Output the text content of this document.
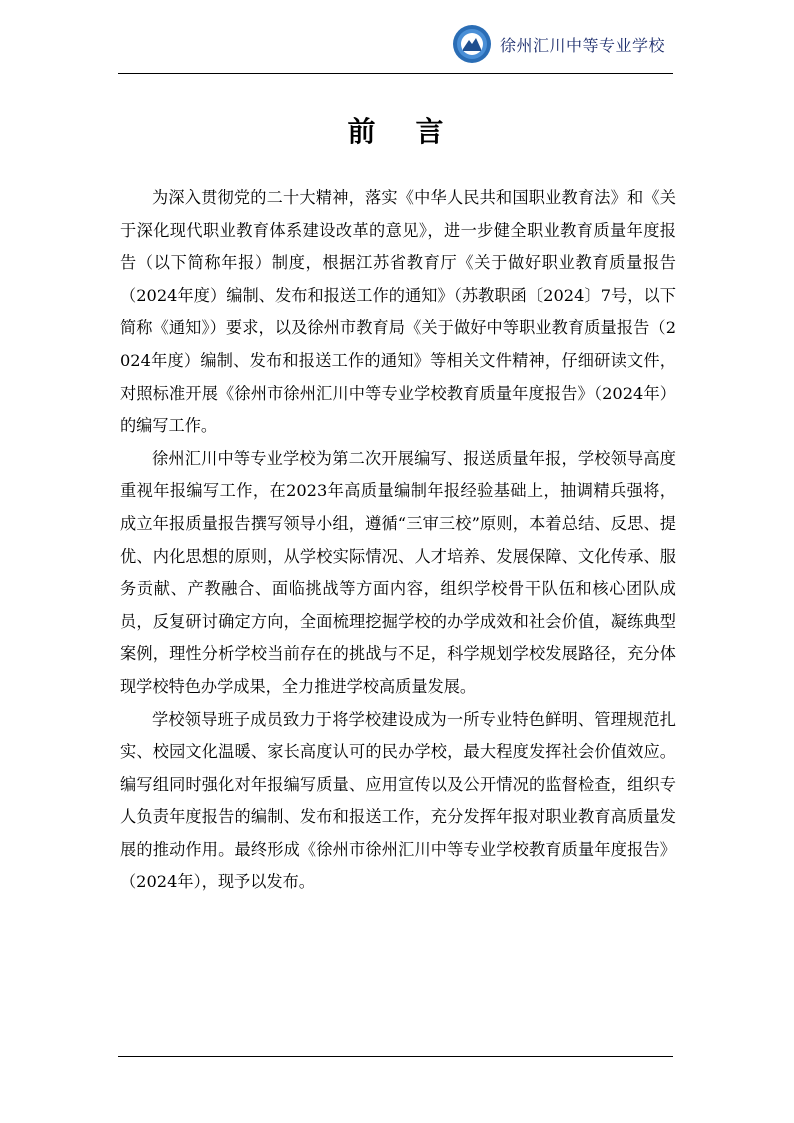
徐州汇川中等专业学校
前言

为深入贯彻党的二十大精神，落实《中华人民共和国职业教育法》和《关于深化现代职业教育体系建设改革的意见》，进一步健全职业教育质量年度报告（以下简称年报）制度，根据江苏省教育厅《关于做好职业教育质量报告（2024年度）编制、发布和报送工作的通知》（苏教职函〔2024〕7号，以下简称《通知》）要求，以及徐州市教育局《关于做好中等职业教育质量报告（2024年度）编制、发布和报送工作的通知》等相关文件精神，仔细研读文件，对照标准开展《徐州市徐州汇川中等专业学校教育质量年度报告》（2024年）的编写工作。

徐州汇川中等专业学校为第二次开展编写、报送质量年报，学校领导高度重视年报编写工作，在2023年高质量编制年报经验基础上，抽调精兵强将，成立年报质量报告撰写领导小组，遵循“三审三校”原则，本着总结、反思、提优、内化思想的原则，从学校实际情况、人才培养、发展保障、文化传承、服务贡献、产教融合、面临挑战等方面内容，组织学校骨干队伍和核心团队成员，反复研讨确定方向，全面梳理挖掘学校的办学成效和社会价值，凝练典型案例，理性分析学校当前存在的挑战与不足，科学规划学校发展路径，充分体现学校特色办学成果，全力推进学校高质量发展。

学校领导班子成员致力于将学校建设成为一所专业特色鲜明、管理规范扎实、校园文化温暖、家长高度认可的民办学校，最大程度发挥社会价值效应。编写组同时强化对年报编写质量、应用宣传以及公开情况的监督检查，组织专人负责年度报告的编制、发布和报送工作，充分发挥年报对职业教育高质量发展的推动作用。最终形成《徐州市徐州汇川中等专业学校教育质量年度报告》（2024年），现予以发布。
